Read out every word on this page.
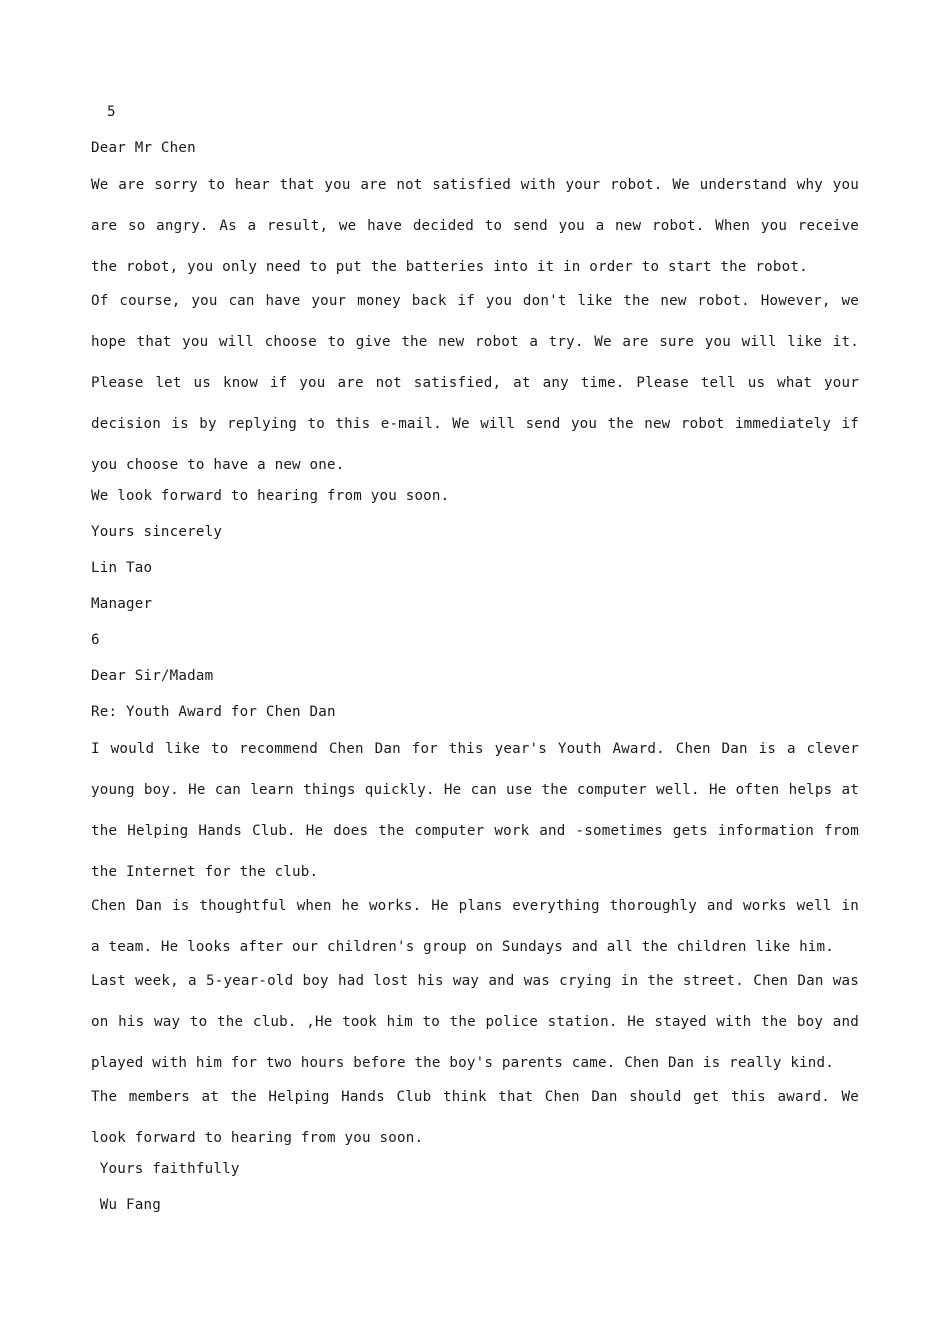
5
Dear Mr Chen
We are sorry to hear that you are not satisfied with your robot. We understand why you are so angry. As a result, we have decided to send you a new robot. When you receive the robot, you only need to put the batteries into it in order to start the robot.
Of course, you can have your money back if you don't like the new robot. However, we hope that you will choose to give the new robot a try. We are sure you will like it. Please let us know if you are not satisfied, at any time. Please tell us what your decision is by replying to this e-mail. We will send you the new robot immediately if you choose to have a new one.
We look forward to hearing from you soon.
Yours sincerely
Lin Tao
Manager
6
Dear Sir/Madam
Re: Youth Award for Chen Dan
I would like to recommend Chen Dan for this year's Youth Award. Chen Dan is a clever young boy. He can learn things quickly. He can use the computer well. He often helps at the Helping Hands Club. He does the computer work and -sometimes gets information from the Internet for the club.
Chen Dan is thoughtful when he works. He plans everything thoroughly and works well in a team. He looks after our children's group on Sundays and all the children like him.
Last week, a 5-year-old boy had lost his way and was crying in the street. Chen Dan was on his way to the club. ,He took him to the police station. He stayed with the boy and played with him for two hours before the boy's parents came. Chen Dan is really kind.
The members at the Helping Hands Club think that Chen Dan should get this award. We look forward to hearing from you soon.
Yours faithfully
Wu Fang
